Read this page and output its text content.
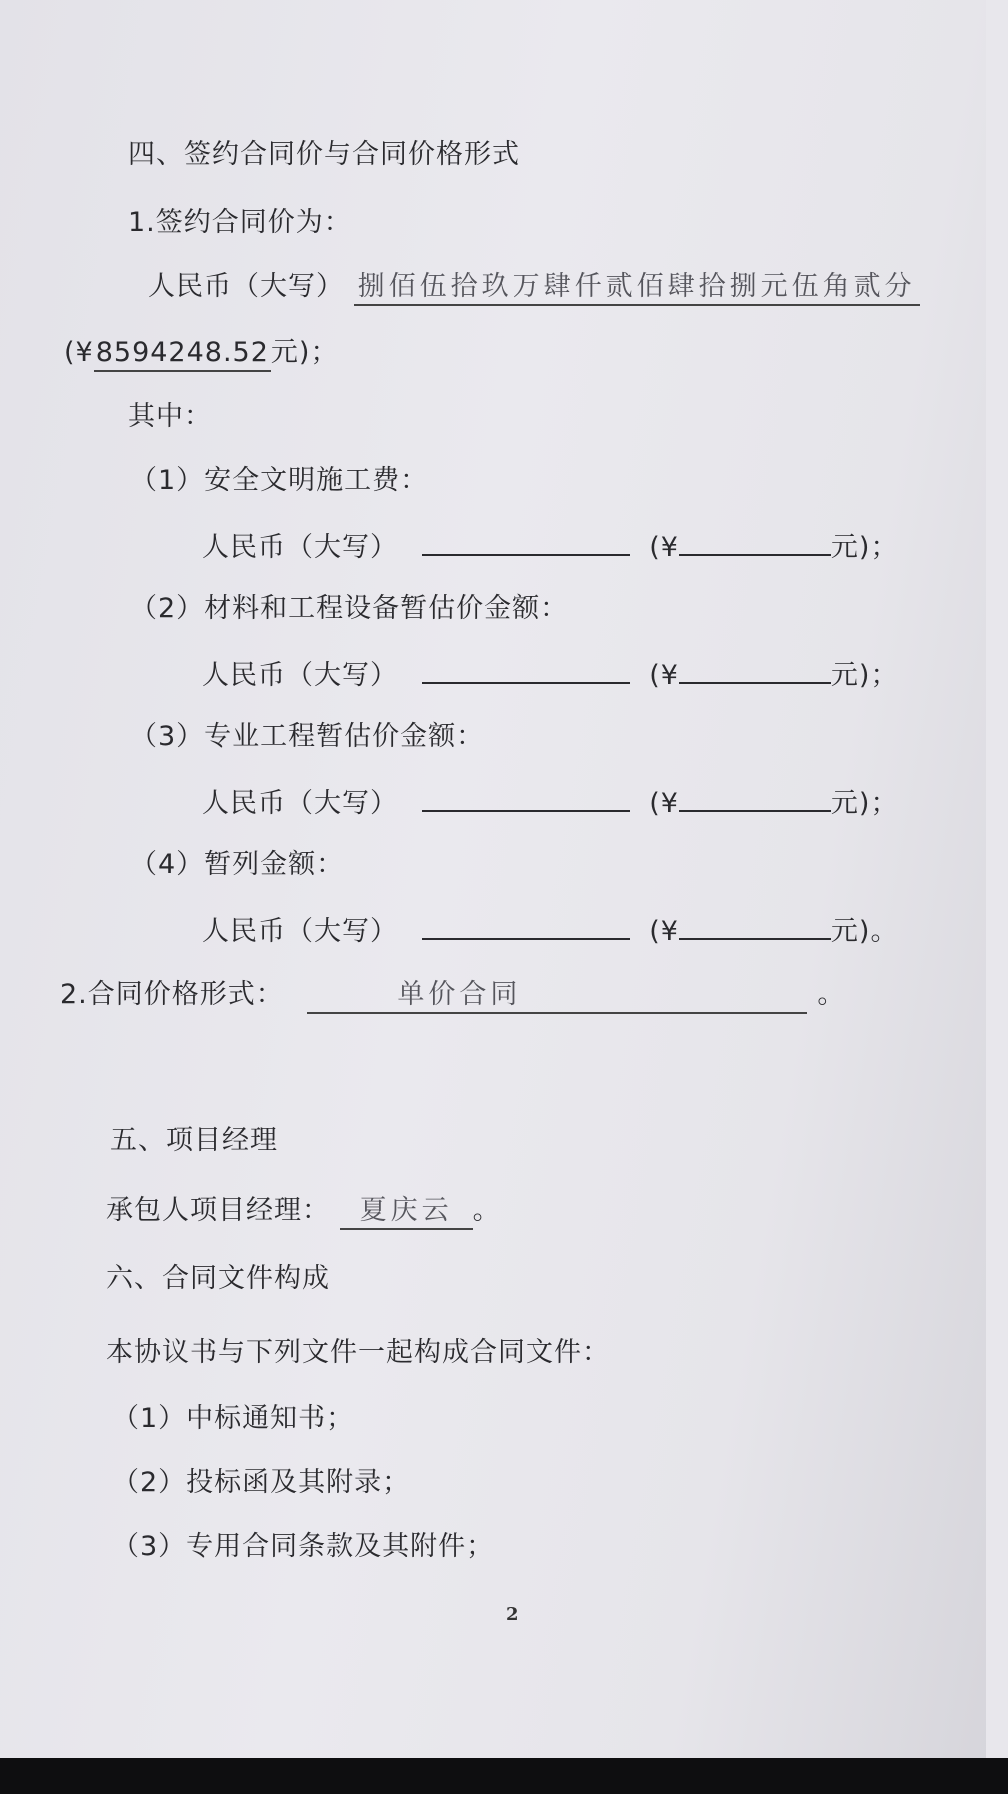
四、签约合同价与合同价格形式
1.签约合同价为：
人民币（大写） 捌佰伍拾玖万肆仟贰佰肆拾捌元伍角贰分
(¥8594248.52元)；
其中：
（1）安全文明施工费：
人民币（大写）	(¥	元)；
（2）材料和工程设备暂估价金额：
人民币（大写）	(¥	元)；
（3）专业工程暂估价金额：
人民币（大写）	(¥	元)；
（4）暂列金额：
人民币（大写）	(¥	元)。
2.合同价格形式：	单价合同	。
五、项目经理
承包人项目经理： 夏庆云 。
六、合同文件构成
本协议书与下列文件一起构成合同文件：
（1）中标通知书；
（2）投标函及其附录；
（3）专用合同条款及其附件；
2
